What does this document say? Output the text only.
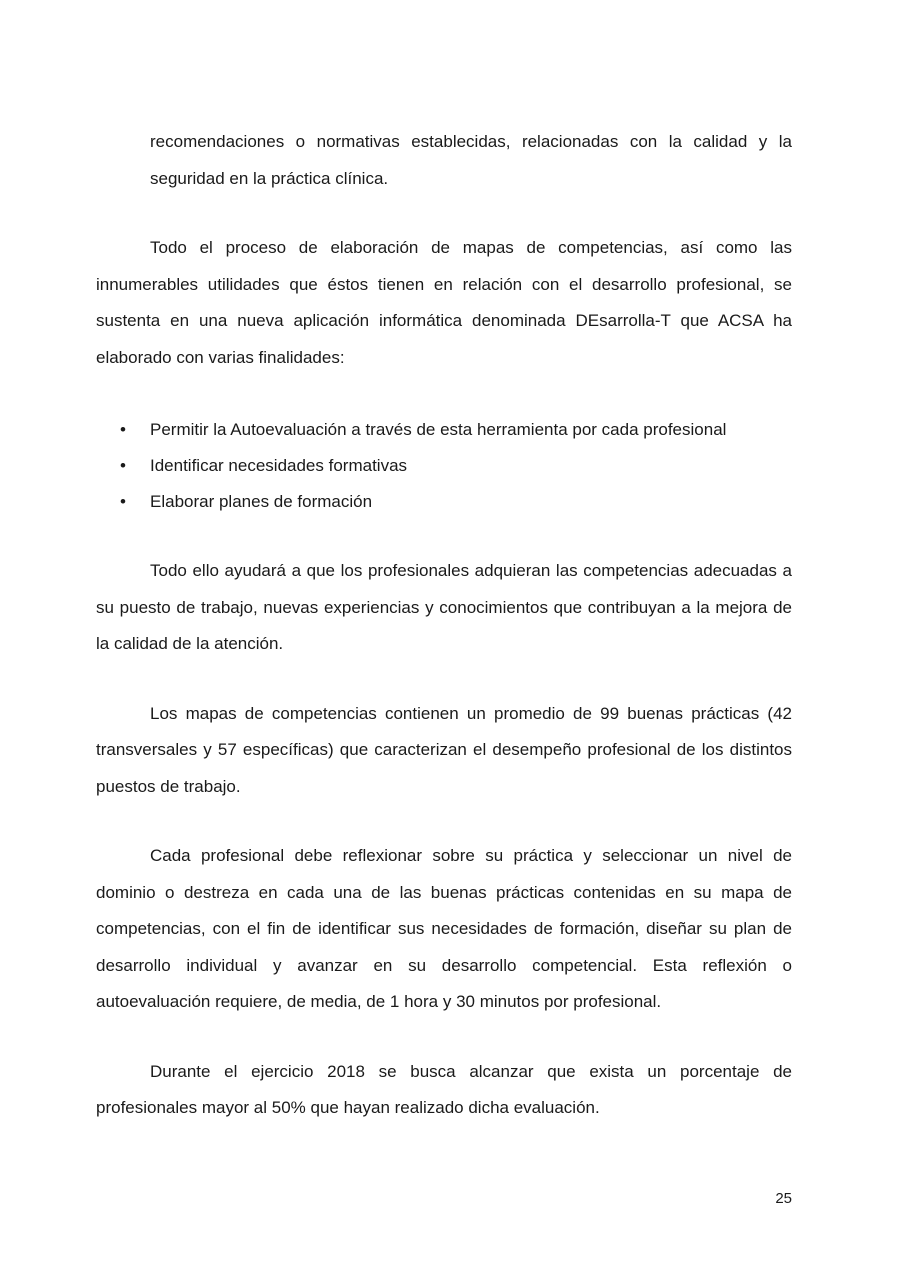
recomendaciones o normativas establecidas, relacionadas con la calidad y la seguridad en la práctica clínica.

Todo el proceso de elaboración de mapas de competencias, así como las innumerables utilidades que éstos tienen en relación con el desarrollo profesional, se sustenta en una nueva aplicación informática denominada DEsarrolla-T que ACSA ha elaborado con varias finalidades:

• Permitir la Autoevaluación a través de esta herramienta por cada profesional
• Identificar necesidades formativas
• Elaborar planes de formación

Todo ello ayudará a que los profesionales adquieran las competencias adecuadas a su puesto de trabajo, nuevas experiencias y conocimientos que contribuyan a la mejora de la calidad de la atención.

Los mapas de competencias contienen un promedio de 99 buenas prácticas (42 transversales y 57 específicas) que caracterizan el desempeño profesional de los distintos puestos de trabajo.

Cada profesional debe reflexionar sobre su práctica y seleccionar un nivel de dominio o destreza en cada una de las buenas prácticas contenidas en su mapa de competencias, con el fin de identificar sus necesidades de formación, diseñar su plan de desarrollo individual y avanzar en su desarrollo competencial. Esta reflexión o autoevaluación requiere, de media, de 1 hora y 30 minutos por profesional.

Durante el ejercicio 2018 se busca alcanzar que exista un porcentaje de profesionales mayor al 50% que hayan realizado dicha evaluación.

25
